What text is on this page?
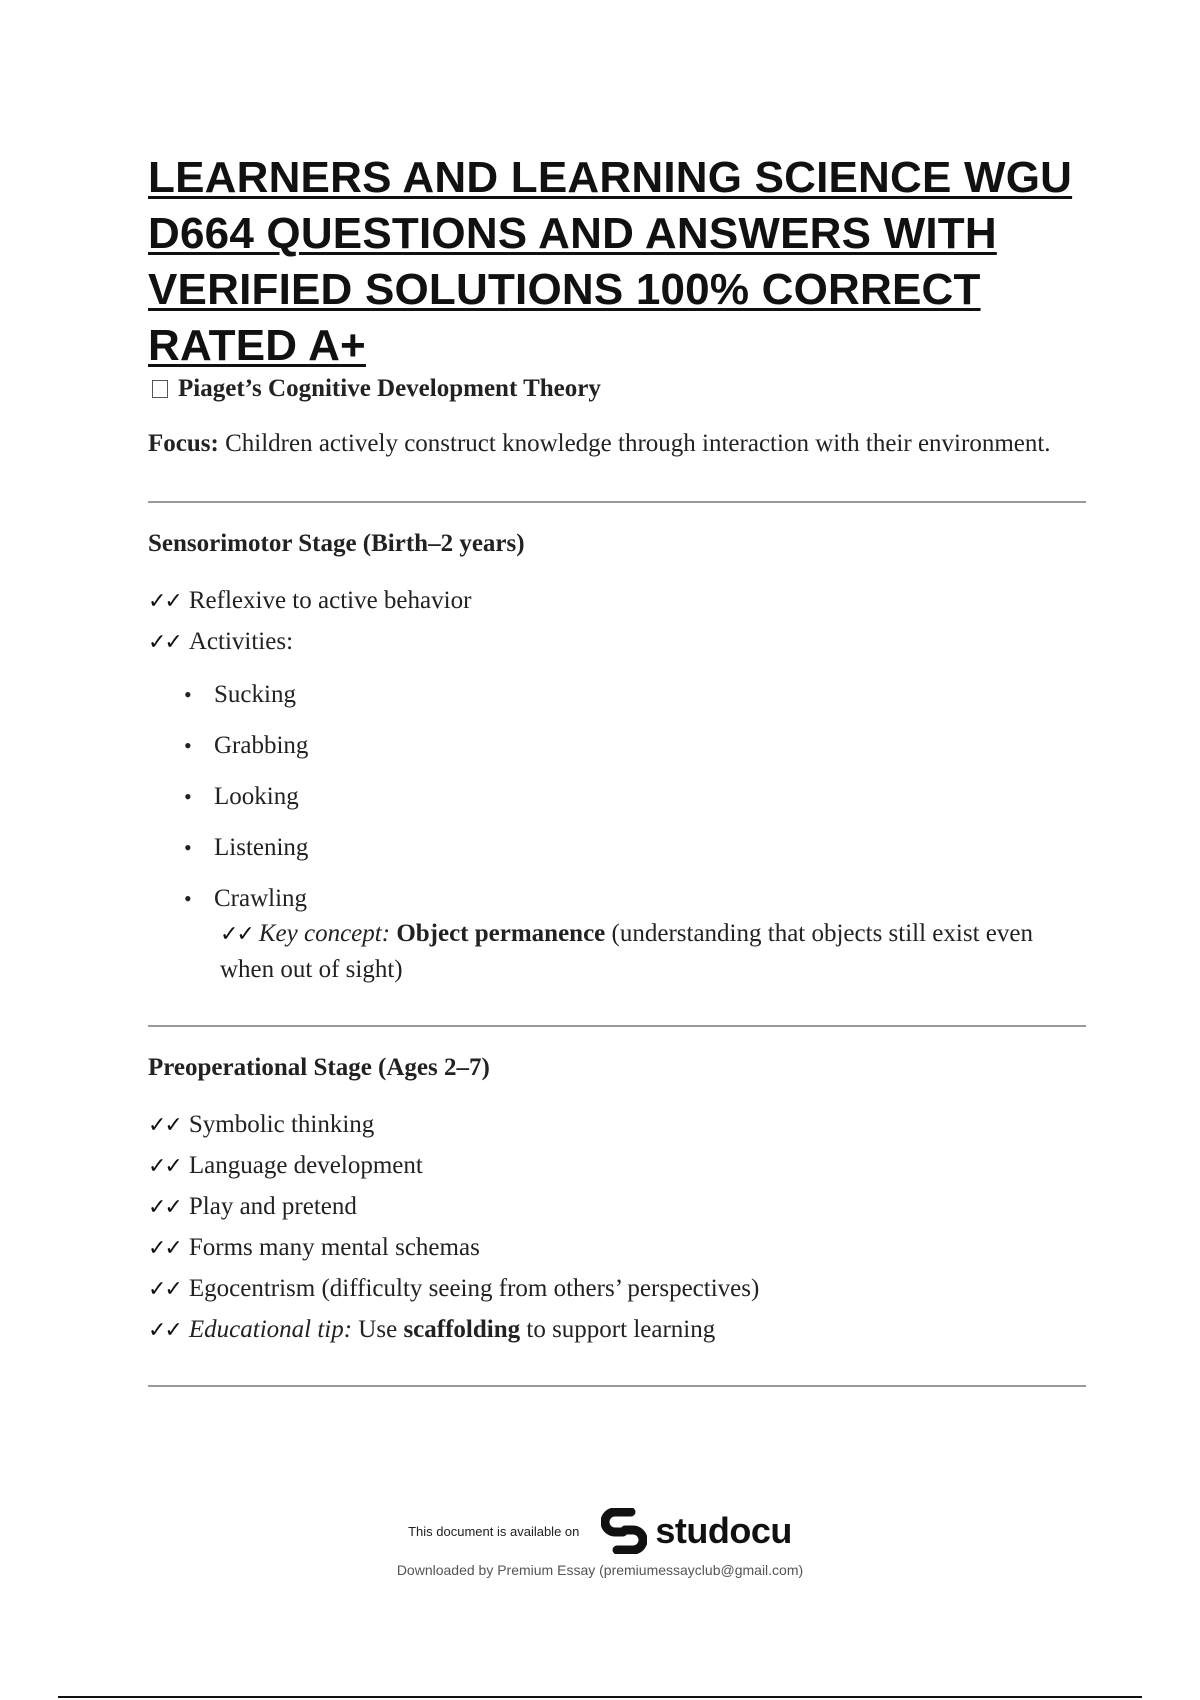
LEARNERS AND LEARNING SCIENCE WGU D664 QUESTIONS AND ANSWERS WITH VERIFIED SOLUTIONS 100% CORRECT RATED A+
Piaget’s Cognitive Development Theory

Focus: Children actively construct knowledge through interaction with their environment.

Sensorimotor Stage (Birth–2 years)
✓✓ Reflexive to active behavior
✓✓ Activities:
• Sucking
• Grabbing
• Looking
• Listening
• Crawling

✓✓ Key concept: Object permanence (understanding that objects still exist even when out of sight)

Preoperational Stage (Ages 2–7)
✓✓ Symbolic thinking
✓✓ Language development
✓✓ Play and pretend
✓✓ Forms many mental schemas
✓✓ Egocentrism (difficulty seeing from others’ perspectives)
✓✓ Educational tip: Use scaffolding to support learning
This document is available on studocu
Downloaded by Premium Essay (premiumessayclub@gmail.com)
